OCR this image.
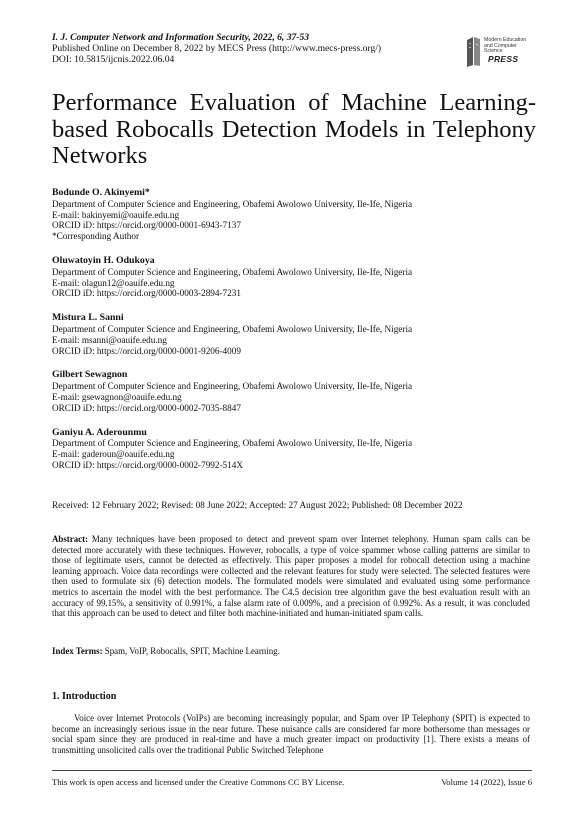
I. J. Computer Network and Information Security, 2022, 6, 37-53
Published Online on December 8, 2022 by MECS Press (http://www.mecs-press.org/)
DOI: 10.5815/ijcnis.2022.06.04
Modern Education
and Computer Science
PRESS
Performance Evaluation of Machine Learning-based Robocalls Detection Models in Telephony Networks
Bodunde O. Akinyemi*
Department of Computer Science and Engineering, Obafemi Awolowo University, Ile-Ife, Nigeria
E-mail: bakinyemi@oauife.edu.ng
ORCID iD: https://orcid.org/0000-0001-6943-7137
*Corresponding Author
Oluwatoyin H. Odukoya
Department of Computer Science and Engineering, Obafemi Awolowo University, Ile-Ife, Nigeria
E-mail: olagun12@oauife.edu.ng
ORCID iD: https://orcid.org/0000-0003-2894-7231
Mistura L. Sanni
Department of Computer Science and Engineering, Obafemi Awolowo University, Ile-Ife, Nigeria
E-mail: msanni@oauife.edu.ng
ORCID iD: https://orcid.org/0000-0001-9206-4009
Gilbert Sewagnon
Department of Computer Science and Engineering, Obafemi Awolowo University, Ile-Ife, Nigeria
E-mail: gsewagnon@oauife.edu.ng
ORCID iD: https://orcid.org/0000-0002-7035-8847
Ganiyu A. Aderounmu
Department of Computer Science and Engineering, Obafemi Awolowo University, Ile-Ife, Nigeria
E-mail: gaderoun@oauife.edu.ng
ORCID iD: https://orcid.org/0000-0002-7992-514X
Received: 12 February 2022; Revised: 08 June 2022; Accepted: 27 August 2022; Published: 08 December 2022

Abstract: Many techniques have been proposed to detect and prevent spam over Internet telephony. Human spam calls can be detected more accurately with these techniques. However, robocalls, a type of voice spammer whose calling patterns are similar to those of legitimate users, cannot be detected as effectively. This paper proposes a model for robocall detection using a machine learning approach. Voice data recordings were collected and the relevant features for study were selected. The selected features were then used to formulate six (6) detection models. The formulated models were simulated and evaluated using some performance metrics to ascertain the model with the best performance. The C4.5 decision tree algorithm gave the best evaluation result with an accuracy of 99.15%, a sensitivity of 0.991%, a false alarm rate of 0.009%, and a precision of 0.992%. As a result, it was concluded that this approach can be used to detect and filter both machine-initiated and human-initiated spam calls.

Index Terms: Spam, VoIP, Robocalls, SPIT, Machine Learning.
1. Introduction

Voice over Internet Protocols (VoIPs) are becoming increasingly popular, and Spam over IP Telephony (SPIT) is expected to become an increasingly serious issue in the near future. These nuisance calls are considered far more bothersome than messages or social spam since they are produced in real-time and have a much greater impact on productivity [1]. There exists a means of transmitting unsolicited calls over the traditional Public Switched Telephone

This work is open access and licensed under the Creative Commons CC BY License.	Volume 14 (2022), Issue 6
